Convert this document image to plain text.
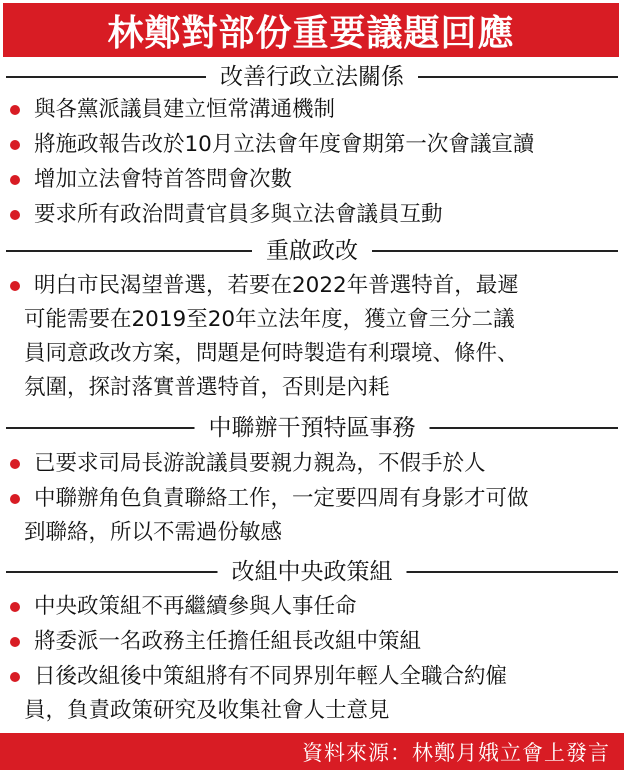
林鄭對部份重要議題回應
改善行政立法關係
與各黨派議員建立恒常溝通機制
將施政報告改於10月立法會年度會期第一次會議宣讀
增加立法會特首答問會次數
要求所有政治問責官員多與立法會議員互動
重啟政改
明白市民渴望普選，若要在2022年普選特首，最遲
可能需要在2019至20年立法年度，獲立會三分二議
員同意政改方案，問題是何時製造有利環境、條件、
氛圍，探討落實普選特首，否則是內耗
中聯辦干預特區事務
已要求司局長游說議員要親力親為，不假手於人
中聯辦角色負責聯絡工作，一定要四周有身影才可做
到聯絡，所以不需過份敏感
改組中央政策組
中央政策組不再繼續參與人事任命
將委派一名政務主任擔任組長改組中策組
日後改組後中策組將有不同界別年輕人全職合約僱
員，負責政策研究及收集社會人士意見
資料來源：林鄭月娥立會上發言
